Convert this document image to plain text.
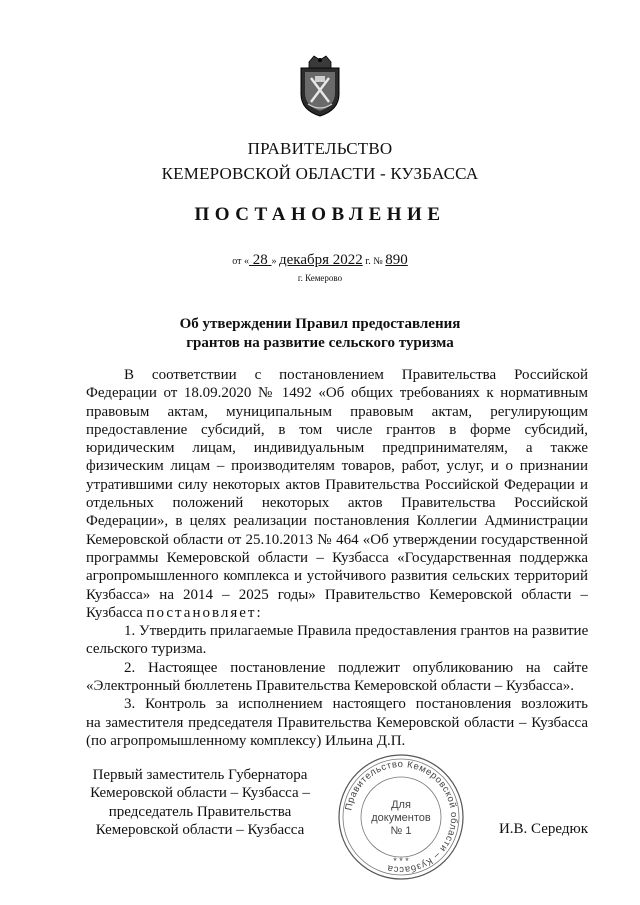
ПРАВИТЕЛЬСТВО
КЕМЕРОВСКОЙ ОБЛАСТИ - КУЗБАССА
ПОСТАНОВЛЕНИЕ
от « 28 » декабря 2022 г. № 890
г. Кемерово
Об утверждении Правил предоставления
грантов на развитие сельского туризма
В соответствии с постановлением Правительства Российской
Федерации от 18.09.2020 № 1492 «Об общих требованиях к нормативным
правовым актам, муниципальным правовым актам, регулирующим
предоставление субсидий, в том числе грантов в форме субсидий,
юридическим лицам, индивидуальным предпринимателям, а также
физическим лицам – производителям товаров, работ, услуг, и о признании
утратившими силу некоторых актов Правительства Российской Федерации и
отдельных положений некоторых актов Правительства Российской
Федерации», в целях реализации постановления Коллегии Администрации
Кемеровской области от 25.10.2013 № 464 «Об утверждении государственной
программы Кемеровской области – Кузбасса «Государственная поддержка
агропромышленного комплекса и устойчивого развития сельских территорий
Кузбасса» на 2014 – 2025 годы» Правительство Кемеровской области –
Кузбасса постановляет:
1. Утвердить прилагаемые Правила предоставления грантов на развитие
сельского туризма.
2. Настоящее постановление подлежит опубликованию на сайте
«Электронный бюллетень Правительства Кемеровской области – Кузбасса».
3. Контроль за исполнением настоящего постановления возложить
на заместителя председателя Правительства Кемеровской области – Кузбасса
(по агропромышленному комплексу) Ильина Д.П.
Первый заместитель Губернатора
Кемеровской области – Кузбасса –
председатель Правительства
Кемеровской области – Кузбасса
Правительство Кемеровской области – Кузбасса
Для
документов
№ 1
* * *
И.В. Середюк
